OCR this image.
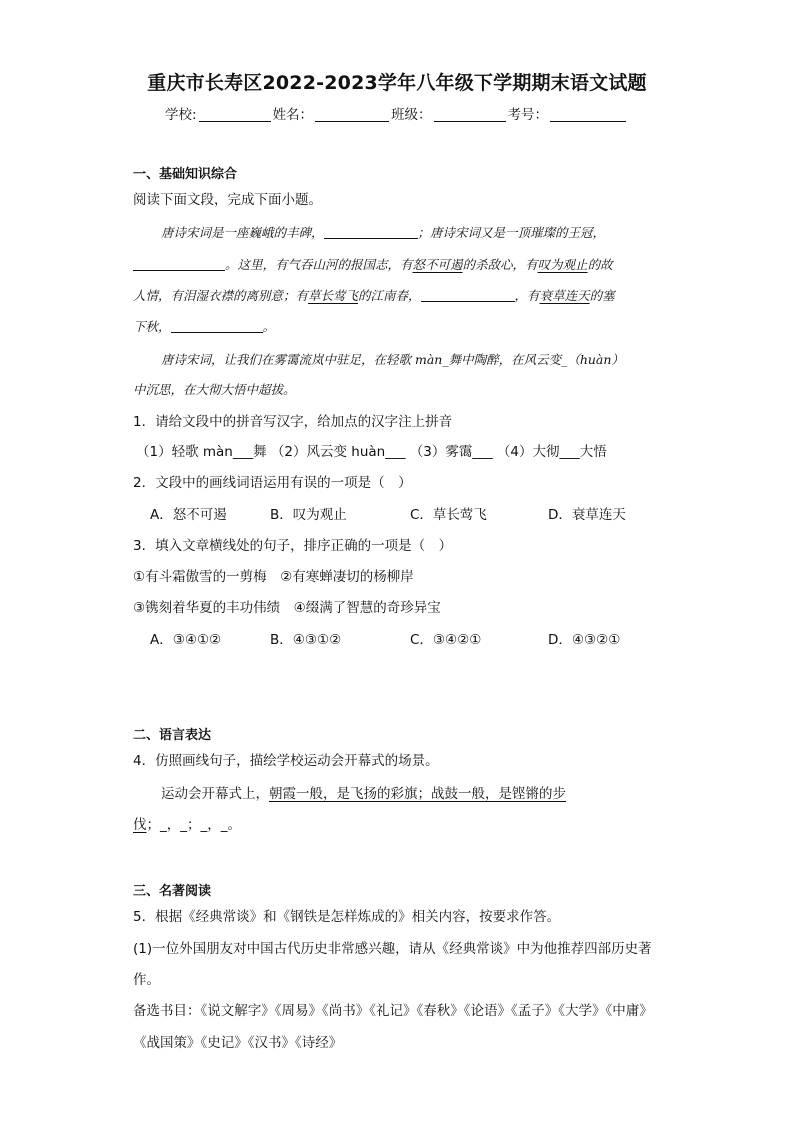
重庆市长寿区2022-2023学年八年级下学期期末语文试题
学校:	姓名：	班级：	考号：
一、基础知识综合
阅读下面文段，完成下面小题。
唐诗宋词是一座巍峨的丰碑，	；唐诗宋词又是一顶璀璨的王冠，
。这里，有气吞山河的报国志，有怒不可遏的杀敌心，有叹为观止的故
人情，有泪湿衣襟的离别意；有草长莺飞的江南春，	，有衰草连天的塞
下秋，	。
唐诗宋词，让我们在雾霭流岚中驻足，在轻歌 màn_舞中陶醉，在风云变_（huàn）
中沉思，在大彻大悟中超拔。
1．请给文段中的拼音写汉字，给加点的汉字注上拼音
（1）轻歌 màn___舞 （2）风云变 huàn___ （3）雾霭___ （4）大彻___大悟
2．文段中的画线词语运用有误的一项是（　）
A．怒不可遏	B．叹为观止	C．草长莺飞	D．衰草连天
3．填入文章横线处的句子，排序正确的一项是（　）
①有斗霜傲雪的一剪梅　②有寒蝉凄切的杨柳岸
③镌刻着华夏的丰功伟绩　④缀满了智慧的奇珍异宝
A．③④①②	B．④③①②	C．③④②①	D．④③②①
二、语言表达
4．仿照画线句子，描绘学校运动会开幕式的场景。
运动会开幕式上，朝霞一般，是飞扬的彩旗；战鼓一般，是铿锵的步
伐；_，_；_，_。
三、名著阅读
5．根据《经典常谈》和《钢铁是怎样炼成的》相关内容，按要求作答。
(1)一位外国朋友对中国古代历史非常感兴趣，请从《经典常谈》中为他推荐四部历史著
作。
备选书目：《说文解字》《周易》《尚书》《礼记》《春秋》《论语》《孟子》《大学》《中庸》
《战国策》《史记》《汉书》《诗经》
